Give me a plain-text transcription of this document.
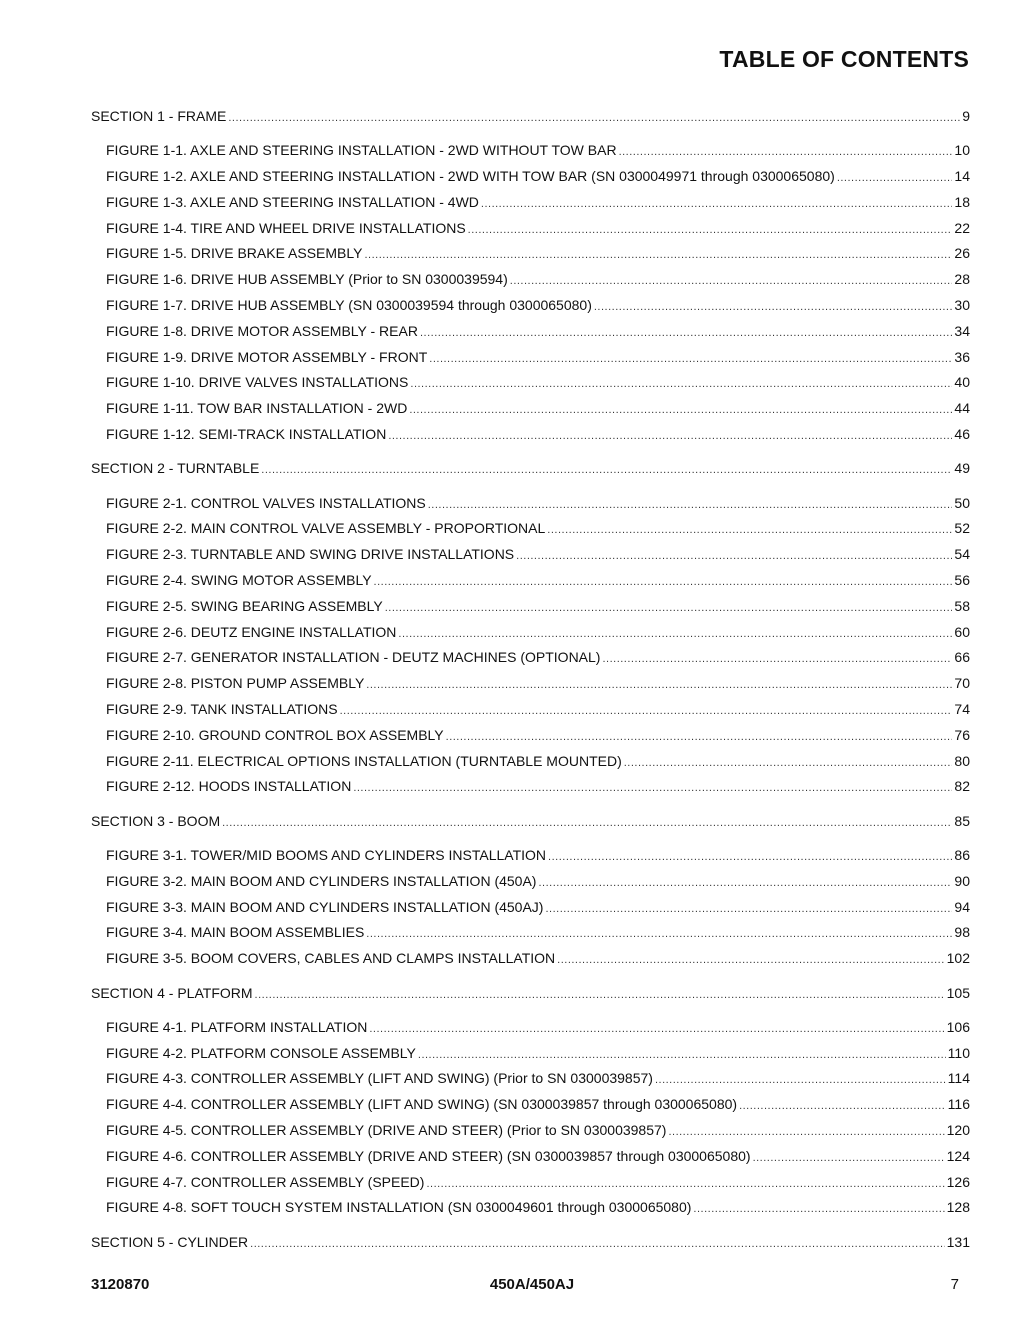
TABLE OF CONTENTS
SECTION 1 - FRAME .....	9
FIGURE 1-1. AXLE AND STEERING INSTALLATION - 2WD WITHOUT TOW BAR .....	10
FIGURE 1-2. AXLE AND STEERING INSTALLATION - 2WD WITH TOW BAR (SN 0300049971 through 0300065080) .....	14
FIGURE 1-3. AXLE AND STEERING INSTALLATION - 4WD .....	18
FIGURE 1-4. TIRE AND WHEEL DRIVE INSTALLATIONS .....	22
FIGURE 1-5. DRIVE BRAKE ASSEMBLY .....	26
FIGURE 1-6. DRIVE HUB ASSEMBLY (Prior to SN 0300039594) .....	28
FIGURE 1-7. DRIVE HUB ASSEMBLY (SN 0300039594 through 0300065080) .....	30
FIGURE 1-8. DRIVE MOTOR ASSEMBLY - REAR .....	34
FIGURE 1-9. DRIVE MOTOR ASSEMBLY - FRONT .....	36
FIGURE 1-10. DRIVE VALVES INSTALLATIONS .....	40
FIGURE 1-11. TOW BAR INSTALLATION - 2WD .....	44
FIGURE 1-12. SEMI-TRACK INSTALLATION .....	46
SECTION 2 - TURNTABLE .....	49
FIGURE 2-1. CONTROL VALVES INSTALLATIONS .....	50
FIGURE 2-2. MAIN CONTROL VALVE ASSEMBLY - PROPORTIONAL .....	52
FIGURE 2-3. TURNTABLE AND SWING DRIVE INSTALLATIONS .....	54
FIGURE 2-4. SWING MOTOR ASSEMBLY .....	56
FIGURE 2-5. SWING BEARING ASSEMBLY .....	58
FIGURE 2-6. DEUTZ ENGINE INSTALLATION .....	60
FIGURE 2-7. GENERATOR INSTALLATION - DEUTZ MACHINES (OPTIONAL) .....	66
FIGURE 2-8. PISTON PUMP ASSEMBLY .....	70
FIGURE 2-9. TANK INSTALLATIONS .....	74
FIGURE 2-10. GROUND CONTROL BOX ASSEMBLY .....	76
FIGURE 2-11. ELECTRICAL OPTIONS INSTALLATION (TURNTABLE MOUNTED) .....	80
FIGURE 2-12. HOODS INSTALLATION .....	82
SECTION 3 - BOOM .....	85
FIGURE 3-1. TOWER/MID BOOMS AND CYLINDERS INSTALLATION .....	86
FIGURE 3-2. MAIN BOOM AND CYLINDERS INSTALLATION (450A) .....	90
FIGURE 3-3. MAIN BOOM AND CYLINDERS INSTALLATION (450AJ) .....	94
FIGURE 3-4. MAIN BOOM ASSEMBLIES .....	98
FIGURE 3-5. BOOM COVERS, CABLES AND CLAMPS INSTALLATION .....	102
SECTION 4 - PLATFORM .....	105
FIGURE 4-1. PLATFORM INSTALLATION .....	106
FIGURE 4-2. PLATFORM CONSOLE ASSEMBLY .....	110
FIGURE 4-3. CONTROLLER ASSEMBLY (LIFT AND SWING) (Prior to SN 0300039857) .....	114
FIGURE 4-4. CONTROLLER ASSEMBLY (LIFT AND SWING) (SN 0300039857 through 0300065080) .....	116
FIGURE 4-5. CONTROLLER ASSEMBLY (DRIVE AND STEER) (Prior to SN 0300039857) .....	120
FIGURE 4-6. CONTROLLER ASSEMBLY (DRIVE AND STEER) (SN 0300039857 through 0300065080) .....	124
FIGURE 4-7. CONTROLLER ASSEMBLY (SPEED) .....	126
FIGURE 4-8. SOFT TOUCH SYSTEM INSTALLATION (SN 0300049601 through 0300065080) .....	128
SECTION 5 - CYLINDER .....	131
3120870	450A/450AJ	7
